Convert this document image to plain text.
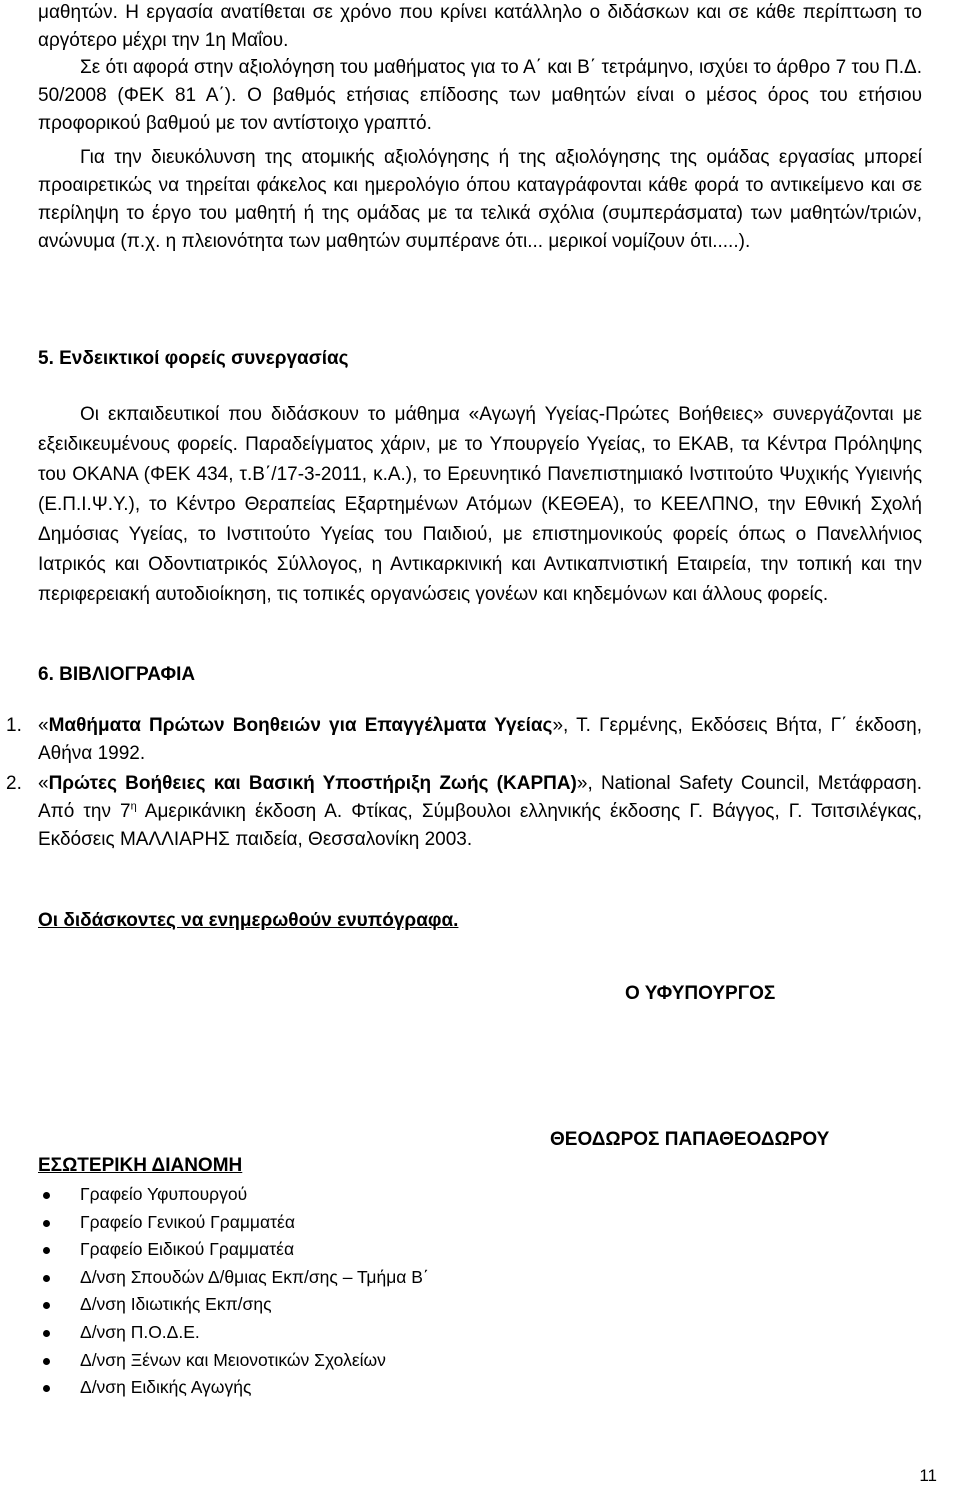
μαθητών. Η εργασία ανατίθεται σε χρόνο που κρίνει κατάλληλο ο διδάσκων και σε κάθε περίπτωση το αργότερο μέχρι την 1η Μαΐου.

Σε ότι αφορά στην αξιολόγηση του μαθήματος για το Α΄ και Β΄ τετράμηνο, ισχύει το άρθρο 7 του Π.Δ. 50/2008 (ΦΕΚ 81 Α΄). Ο βαθμός ετήσιας επίδοσης των μαθητών είναι ο μέσος όρος του ετήσιου προφορικού βαθμού με τον αντίστοιχο γραπτό.

Για την διευκόλυνση της ατομικής αξιολόγησης ή της αξιολόγησης της ομάδας εργασίας μπορεί προαιρετικώς να τηρείται φάκελος και ημερολόγιο όπου καταγράφονται κάθε φορά το αντικείμενο και σε περίληψη το έργο του μαθητή ή της ομάδας με τα τελικά σχόλια (συμπεράσματα) των μαθητών/τριών, ανώνυμα (π.χ. η πλειονότητα των μαθητών συμπέρανε ότι... μερικοί νομίζουν ότι.....).

5. Ενδεικτικοί φορείς συνεργασίας

Οι εκπαιδευτικοί που διδάσκουν το μάθημα «Αγωγή Υγείας-Πρώτες Βοήθειες» συνεργάζονται με εξειδικευμένους φορείς. Παραδείγματος χάριν, με το Υπουργείο Υγείας, το ΕΚΑΒ, τα Κέντρα Πρόληψης του ΟΚΑΝΑ (ΦΕΚ 434, τ.Β΄/17-3-2011, κ.Α.), το Ερευνητικό Πανεπιστημιακό Ινστιτούτο Ψυχικής Υγιεινής (Ε.Π.Ι.Ψ.Υ.), το Κέντρο Θεραπείας Εξαρτημένων Ατόμων (ΚΕΘΕΑ), το ΚΕΕΛΠΝΟ, την Εθνική Σχολή Δημόσιας Υγείας, το Ινστιτούτο Υγείας του Παιδιού, με επιστημονικούς φορείς όπως ο Πανελλήνιος Ιατρικός και Οδοντιατρικός Σύλλογος, η Αντικαρκινική και Αντικαπνιστική Εταιρεία, την τοπική και την περιφερειακή αυτοδιοίκηση, τις τοπικές οργανώσεις γονέων και κηδεμόνων και άλλους φορείς.

6. ΒΙΒΛΙΟΓΡΑΦΙΑ

1. «Μαθήματα Πρώτων Βοηθειών για Επαγγέλματα Υγείας», Τ. Γερμένης, Εκδόσεις Βήτα, Γ΄ έκδοση, Αθήνα 1992.

2. «Πρώτες Βοήθειες και Βασική Υποστήριξη Ζωής (ΚΑΡΠΑ)», National Safety Council, Μετάφραση. Από την $7^\eta$ Αμερικάνικη έκδοση Α. Φτίκας, Σύμβουλοι ελληνικής έκδοσης Γ. Βάγγος, Γ. Τσιτσιλέγκας, Εκδόσεις ΜΑΛΛΙΑΡΗΣ παιδεία, Θεσσαλονίκη 2003.

Οι διδάσκοντες να ενημερωθούν ενυπόγραφα.

Ο ΥΦΥΠΟΥΡΓΟΣ
ΘΕΟΔΩΡΟΣ ΠΑΠΑΘΕΟΔΩΡΟΥ
ΕΣΩΤΕΡΙΚΗ ΔΙΑΝΟΜΗ
Γραφείο Υφυπουργού
Γραφείο Γενικού Γραμματέα
Γραφείο Ειδικού Γραμματέα
Δ/νση Σπουδών Δ/θμιας Εκπ/σης – Τμήμα Β΄
Δ/νση Ιδιωτικής Εκπ/σης
Δ/νση Π.Ο.Δ.Ε.
Δ/νση Ξένων και Μειονοτικών Σχολείων
Δ/νση Ειδικής Αγωγής
11
